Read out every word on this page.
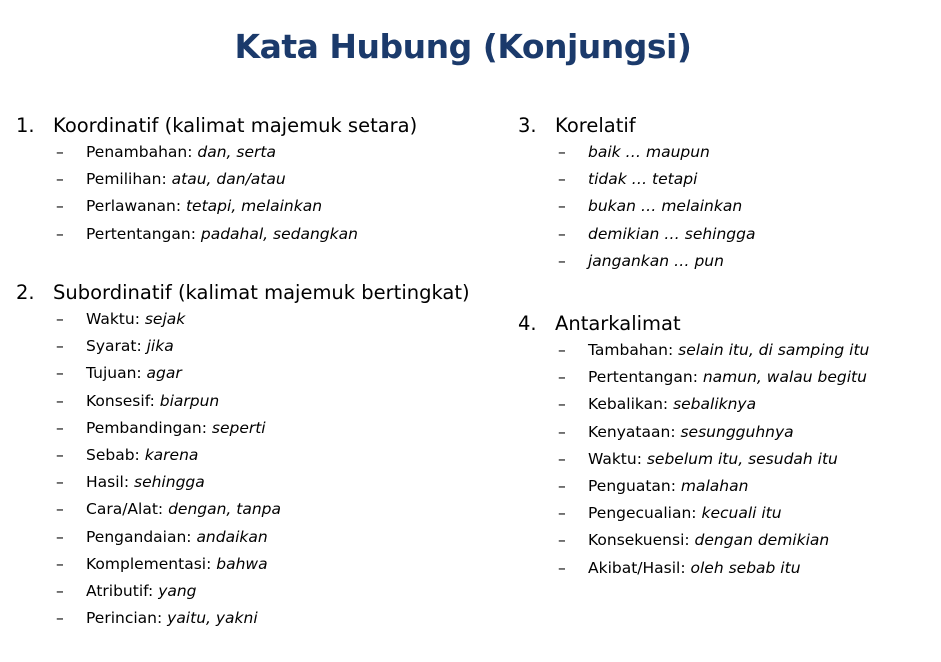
Kata Hubung (Konjungsi)
1. Koordinatif (kalimat majemuk setara)
– Penambahan: dan, serta
– Pemilihan: atau, dan/atau
– Perlawanan: tetapi, melainkan
– Pertentangan: padahal, sedangkan
2. Subordinatif (kalimat majemuk bertingkat)
– Waktu: sejak
– Syarat: jika
– Tujuan: agar
– Konsesif: biarpun
– Pembandingan: seperti
– Sebab: karena
– Hasil: sehingga
– Cara/Alat: dengan, tanpa
– Pengandaian: andaikan
– Komplementasi: bahwa
– Atributif: yang
– Perincian: yaitu, yakni
3. Korelatif
– baik … maupun
– tidak … tetapi
– bukan … melainkan
– demikian … sehingga
– jangankan … pun
4. Antarkalimat
– Tambahan: selain itu, di samping itu
– Pertentangan: namun, walau begitu
– Kebalikan: sebaliknya
– Kenyataan: sesungguhnya
– Waktu: sebelum itu, sesudah itu
– Penguatan: malahan
– Pengecualian: kecuali itu
– Konsekuensi: dengan demikian
– Akibat/Hasil: oleh sebab itu
